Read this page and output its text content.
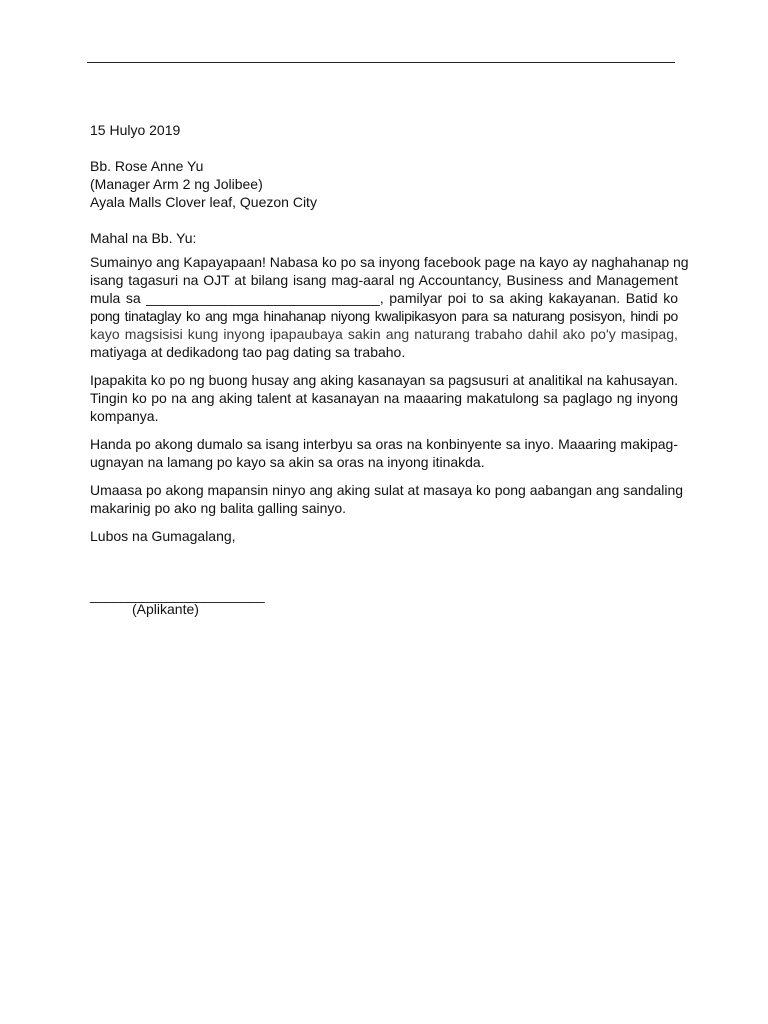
15 Hulyo 2019
Bb. Rose Anne Yu
(Manager Arm 2 ng Jolibee)
Ayala Malls Clover leaf, Quezon City
Mahal na Bb. Yu:
Sumainyo ang Kapayapaan! Nabasa ko po sa inyong facebook page na kayo ay naghahanap ng
isang tagasuri na OJT at bilang isang mag-aaral ng Accountancy, Business and Management
mula sa ______________________________, pamilyar poi to sa aking kakayanan. Batid ko
pong tinataglay ko ang mga hinahanap niyong kwalipikasyon para sa naturang posisyon, hindi po
kayo magsisisi kung inyong ipapaubaya sakin ang naturang trabaho dahil ako po'y masipag,
matiyaga at dedikadong tao pag dating sa trabaho.
Ipapakita ko po ng buong husay ang aking kasanayan sa pagsusuri at analitikal na kahusayan.
Tingin ko po na ang aking talent at kasanayan na maaaring makatulong sa paglago ng inyong
kompanya.
Handa po akong dumalo sa isang interbyu sa oras na konbinyente sa inyo. Maaaring makipag-
ugnayan na lamang po kayo sa akin sa oras na inyong itinakda.
Umaasa po akong mapansin ninyo ang aking sulat at masaya ko pong aabangan ang sandaling
makarinig po ako ng balita galling sainyo.
Lubos na Gumagalang,
_______________________
(Aplikante)
